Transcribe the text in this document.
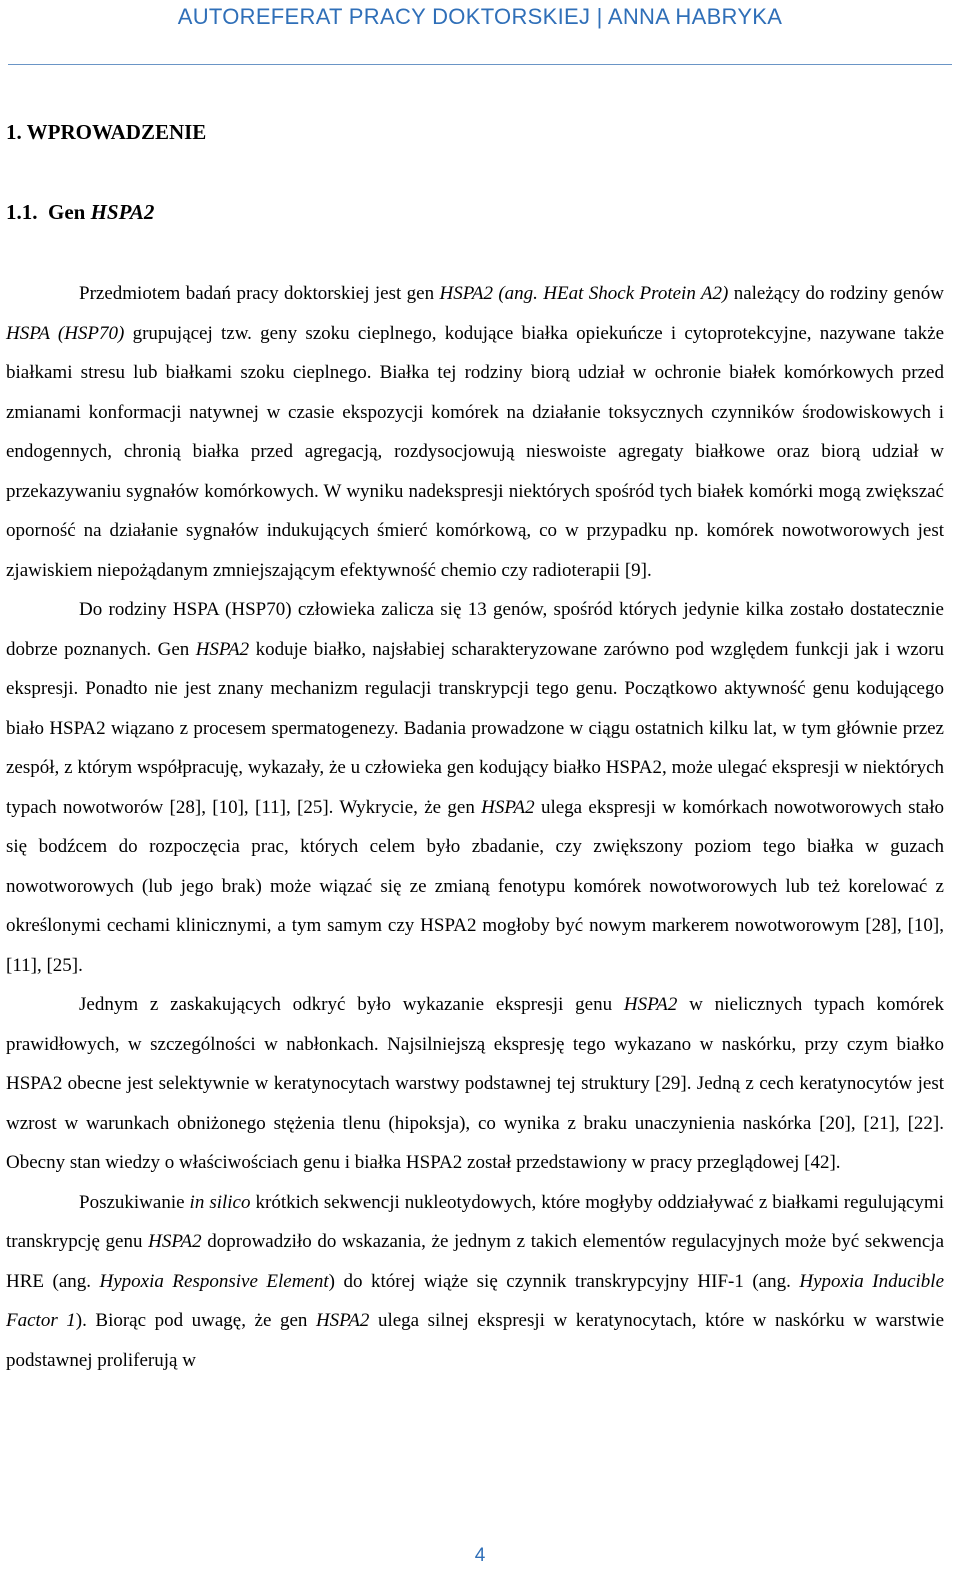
AUTOREFERAT PRACY DOKTORSKIEJ | ANNA HABRYKA
1. WPROWADZENIE
1.1. Gen HSPA2

Przedmiotem badań pracy doktorskiej jest gen HSPA2 (ang. HEat Shock Protein A2) należący do rodziny genów HSPA (HSP70) grupującej tzw. geny szoku cieplnego, kodujące białka opiekuńcze i cytoprotekcyjne, nazywane także białkami stresu lub białkami szoku cieplnego. Białka tej rodziny biorą udział w ochronie białek komórkowych przed zmianami konformacji natywnej w czasie ekspozycji komórek na działanie toksycznych czynników środowiskowych i endogennych, chronią białka przed agregacją, rozdysocjowują nieswoiste agregaty białkowe oraz biorą udział w przekazywaniu sygnałów komórkowych. W wyniku nadekspresji niektórych spośród tych białek komórki mogą zwiększać oporność na działanie sygnałów indukujących śmierć komórkową, co w przypadku np. komórek nowotworowych jest zjawiskiem niepożądanym zmniejszającym efektywność chemio czy radioterapii [9].

Do rodziny HSPA (HSP70) człowieka zalicza się 13 genów, spośród których jedynie kilka zostało dostatecznie dobrze poznanych. Gen HSPA2 koduje białko, najsłabiej scharakteryzowane zarówno pod względem funkcji jak i wzoru ekspresji. Ponadto nie jest znany mechanizm regulacji transkrypcji tego genu. Początkowo aktywność genu kodującego biało HSPA2 wiązano z procesem spermatogenezy. Badania prowadzone w ciągu ostatnich kilku lat, w tym głównie przez zespół, z którym współpracuję, wykazały, że u człowieka gen kodujący białko HSPA2, może ulegać ekspresji w niektórych typach nowotworów [28], [10], [11], [25]. Wykrycie, że gen HSPA2 ulega ekspresji w komórkach nowotworowych stało się bodźcem do rozpoczęcia prac, których celem było zbadanie, czy zwiększony poziom tego białka w guzach nowotworowych (lub jego brak) może wiązać się ze zmianą fenotypu komórek nowotworowych lub też korelować z określonymi cechami klinicznymi, a tym samym czy HSPA2 mogłoby być nowym markerem nowotworowym [28], [10], [11], [25].

Jednym z zaskakujących odkryć było wykazanie ekspresji genu HSPA2 w nielicznych typach komórek prawidłowych, w szczególności w nabłonkach. Najsilniejszą ekspresję tego wykazano w naskórku, przy czym białko HSPA2 obecne jest selektywnie w keratynocytach warstwy podstawnej tej struktury [29]. Jedną z cech keratynocytów jest wzrost w warunkach obniżonego stężenia tlenu (hipoksja), co wynika z braku unaczynienia naskórka [20], [21], [22]. Obecny stan wiedzy o właściwościach genu i białka HSPA2 został przedstawiony w pracy przeglądowej [42].

Poszukiwanie in silico krótkich sekwencji nukleotydowych, które mogłyby oddziaływać z białkami regulującymi transkrypcję genu HSPA2 doprowadziło do wskazania, że jednym z takich elementów regulacyjnych może być sekwencja HRE (ang. Hypoxia Responsive Element) do której wiąże się czynnik transkrypcyjny HIF-1 (ang. Hypoxia Inducible Factor 1). Biorąc pod uwagę, że gen HSPA2 ulega silnej ekspresji w keratynocytach, które w naskórku w warstwie podstawnej proliferują w

4
